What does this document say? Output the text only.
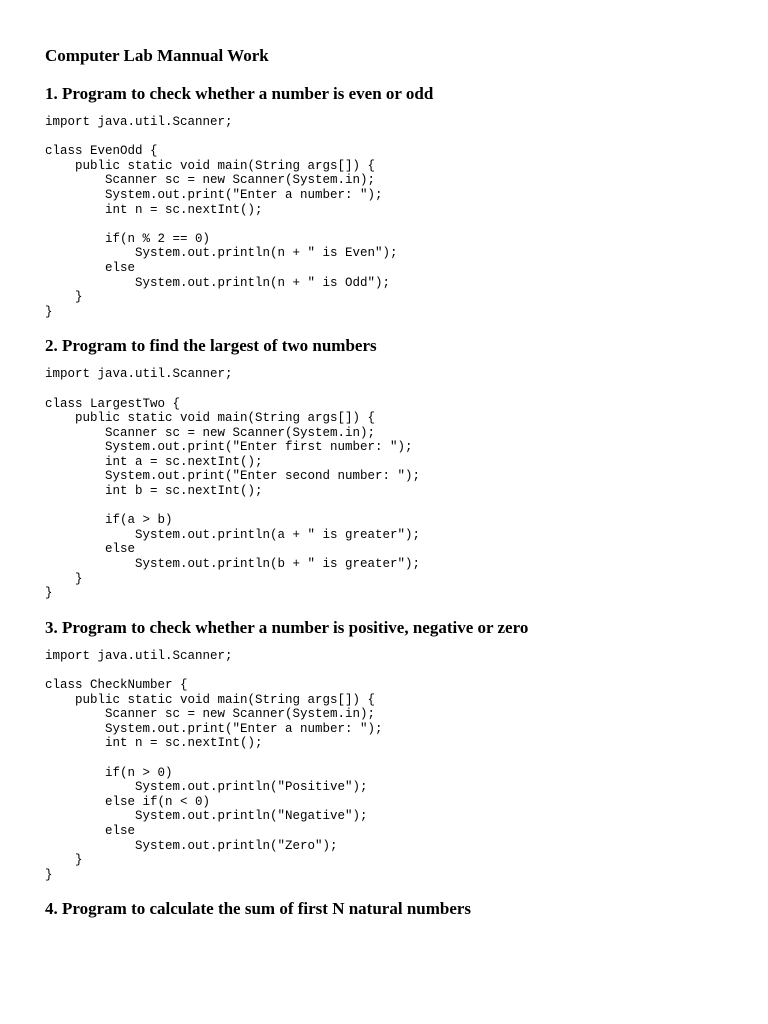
Computer Lab Mannual Work
1. Program to check whether a number is even or odd
import java.util.Scanner;

class EvenOdd {
public static void main(String args[]) {
Scanner sc = new Scanner(System.in);
System.out.print("Enter a number: ");
int n = sc.nextInt();

if(n % 2 == 0)
System.out.println(n + " is Even");
else
System.out.println(n + " is Odd");
}
}
2. Program to find the largest of two numbers
import java.util.Scanner;

class LargestTwo {
public static void main(String args[]) {
Scanner sc = new Scanner(System.in);
System.out.print("Enter first number: ");
int a = sc.nextInt();
System.out.print("Enter second number: ");
int b = sc.nextInt();

if(a > b)
System.out.println(a + " is greater");
else
System.out.println(b + " is greater");
}
}
3. Program to check whether a number is positive, negative or zero
import java.util.Scanner;

class CheckNumber {
public static void main(String args[]) {
Scanner sc = new Scanner(System.in);
System.out.print("Enter a number: ");
int n = sc.nextInt();

if(n > 0)
System.out.println("Positive");
else if(n < 0)
System.out.println("Negative");
else
System.out.println("Zero");
}
}
4. Program to calculate the sum of first N natural numbers
